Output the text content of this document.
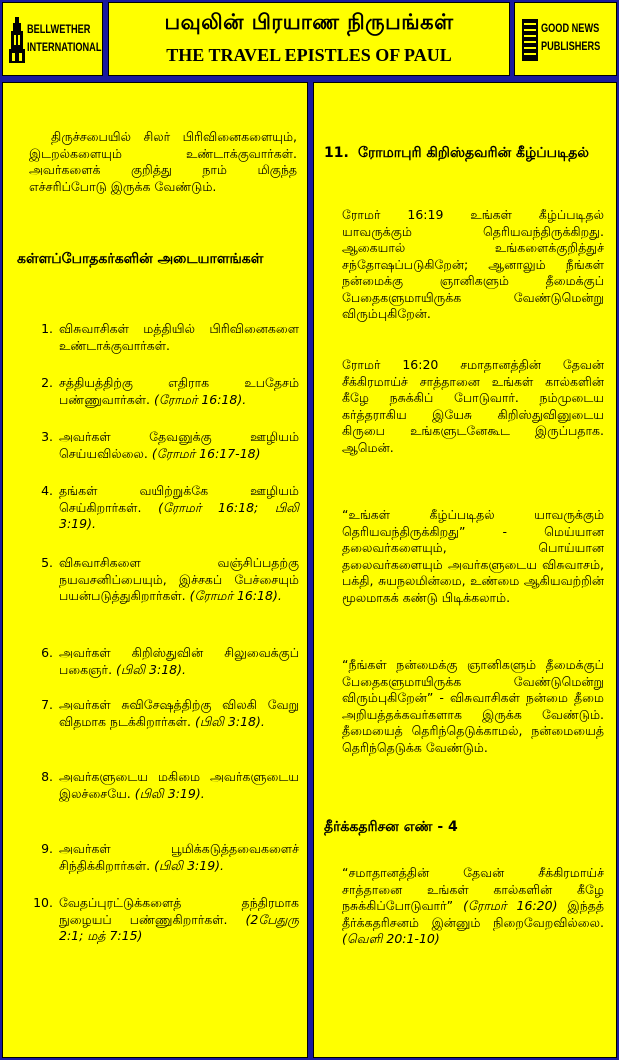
BELLWETHER
INTERNATIONAL
பவுலின் பிரயாண நிருபங்கள்
THE TRAVEL EPISTLES OF PAUL
GOOD NEWS
PUBLISHERS
திருச்சபையில் சிலர் பிரிவினைகளையும், இடறல்களையும் உண்டாக்குவார்கள். அவர்களைக் குறித்து நாம் மிகுந்த எச்சரிப்போடு இருக்க வேண்டும்.
கள்ளப்போதகர்களின் அடையாளங்கள்
1. விசுவாசிகள் மத்தியில் பிரிவினைகளை உண்டாக்குவார்கள்.
2. சத்தியத்திற்கு எதிராக உபதேசம் பண்ணுவார்கள். (ரோமர் 16:18).
3. அவர்கள் தேவனுக்கு ஊழியம் செய்யவில்லை. (ரோமர் 16:17-18)
4. தங்கள் வயிற்றுக்கே ஊழியம் செய்கிறார்கள். (ரோமர் 16:18; பிலி 3:19).
5. விசுவாசிகளை வஞ்சிப்பதற்கு நயவசனிப்பையும், இச்சகப் பேச்சையும் பயன்படுத்துகிறார்கள். (ரோமர் 16:18).
6. அவர்கள் கிறிஸ்துவின் சிலுவைக்குப் பகைஞர். (பிலி 3:18).
7. அவர்கள் சுவிசேஷத்திற்கு விலகி வேறு விதமாக நடக்கிறார்கள். (பிலி 3:18).
8. அவர்களுடைய மகிமை அவர்களுடைய இலச்சையே. (பிலி 3:19).
9. அவர்கள் பூமிக்கடுத்தவைகளைச் சிந்திக்கிறார்கள். (பிலி 3:19).
10. வேதப்புரட்டுக்களைத் தந்திரமாக நுழையப் பண்ணுகிறார்கள். (2பேதுரு 2:1; மத் 7:15)
11. ரோமாபுரி கிறிஸ்தவரின் கீழ்ப்படிதல்
ரோமர் 16:19 உங்கள் கீழ்ப்படிதல் யாவருக்கும் தெரியவந்திருக்கிறது. ஆகையால் உங்களைக்குறித்துச் சந்தோஷப்படுகிறேன்; ஆனாலும் நீங்கள் நன்மைக்கு ஞானிகளும் தீமைக்குப் பேதைகளுமாயிருக்க வேண்டுமென்று விரும்புகிறேன்.
ரோமர் 16:20 சமாதானத்தின் தேவன் சீக்கிரமாய்ச் சாத்தானை உங்கள் கால்களின் கீழே நசுக்கிப் போடுவார். நம்முடைய கர்த்தராகிய இயேசு கிறிஸ்துவினுடைய கிருபை உங்களுடனேகூட இருப்பதாக. ஆமென்.
“உங்கள் கீழ்ப்படிதல் யாவருக்கும் தெரியவந்திருக்கிறது” - மெய்யான தலைவர்களையும், பொய்யான தலைவர்களையும் அவர்களுடைய விசுவாசம், பக்தி, சுயநலமின்மை, உண்மை ஆகியவற்றின் மூலமாகக் கண்டு பிடிக்கலாம்.
“நீங்கள் நன்மைக்கு ஞானிகளும் தீமைக்குப் பேதைகளுமாயிருக்க வேண்டுமென்று விரும்புகிறேன்” - விசுவாசிகள் நன்மை தீமை அறியத்தக்கவர்களாக இருக்க வேண்டும். தீமையைத் தெரிந்தெடுக்காமல், நன்மையைத் தெரிந்தெடுக்க வேண்டும்.
தீர்க்கதரிசன எண் - 4
“சமாதானத்தின் தேவன் சீக்கிரமாய்ச் சாத்தானை உங்கள் கால்களின் கீழே நசுக்கிப்போடுவார்” (ரோமர் 16:20) இந்தத் தீர்க்கதரிசனம் இன்னும் நிறைவேறவில்லை. (வெளி 20:1-10)
